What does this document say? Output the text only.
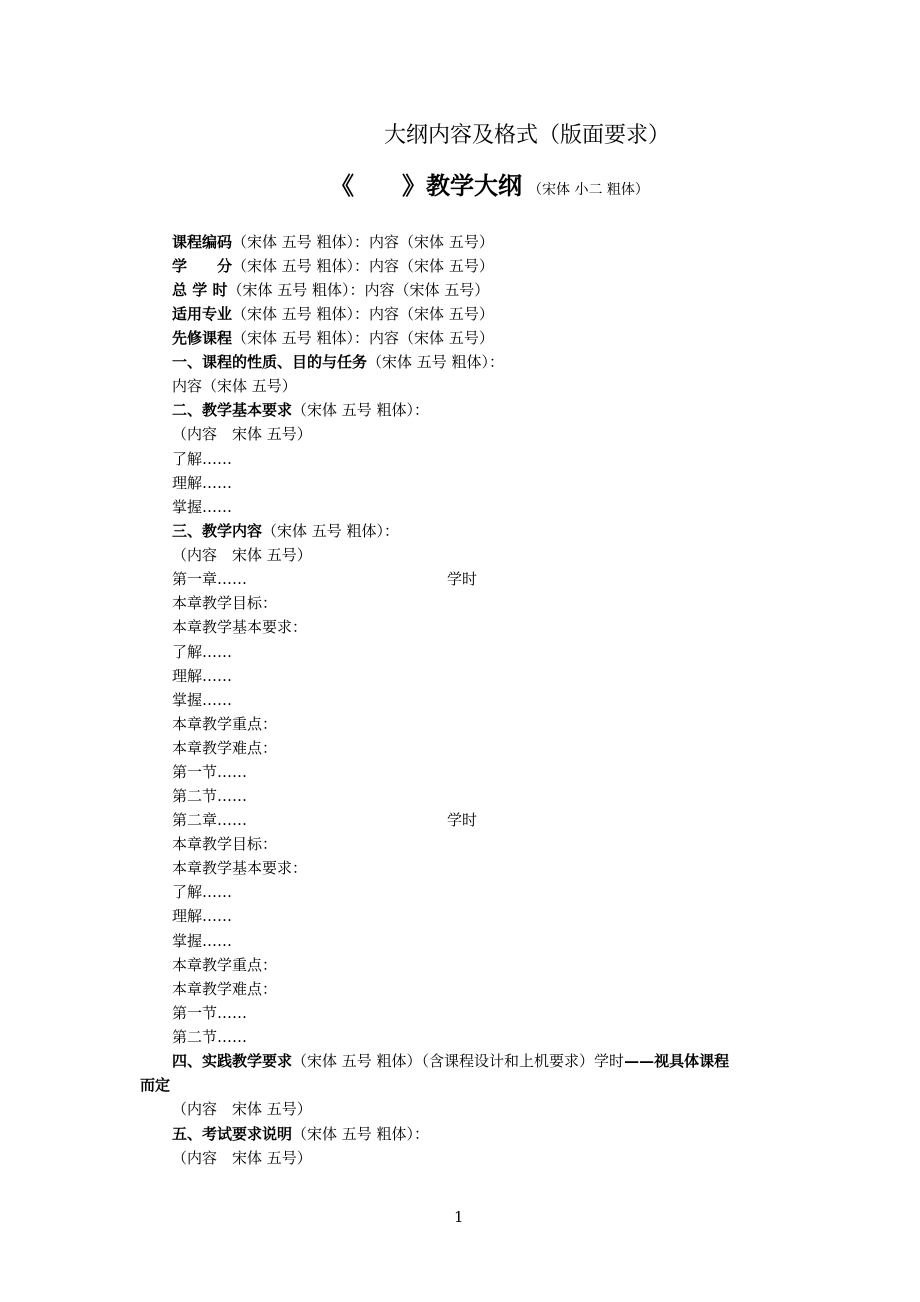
大纲内容及格式（版面要求）
《　　》教学大纲 （宋体 小二 粗体）
课程编码（宋体 五号 粗体）：内容（宋体 五号）
学　　分（宋体 五号 粗体）：内容（宋体 五号）
总 学 时（宋体 五号 粗体）：内容（宋体 五号）
适用专业（宋体 五号 粗体）：内容（宋体 五号）
先修课程（宋体 五号 粗体）：内容（宋体 五号）
一、课程的性质、目的与任务（宋体 五号 粗体）：
内容（宋体 五号）
二、教学基本要求（宋体 五号 粗体）：
（内容　宋体 五号）
了解……
理解……
掌握……
三、教学内容（宋体 五号 粗体）：
（内容　宋体 五号）
第一章……	学时
本章教学目标：
本章教学基本要求：
了解……
理解……
掌握……
本章教学重点：
本章教学难点：
第一节……
第二节……
第二章……	学时
本章教学目标：
本章教学基本要求：
了解……
理解……
掌握……
本章教学重点：
本章教学难点：
第一节……
第二节……
四、实践教学要求（宋体 五号 粗体）（含课程设计和上机要求）学时——视具体课程
而定
（内容　宋体 五号）
五、考试要求说明（宋体 五号 粗体）：
（内容　宋体 五号）
1
